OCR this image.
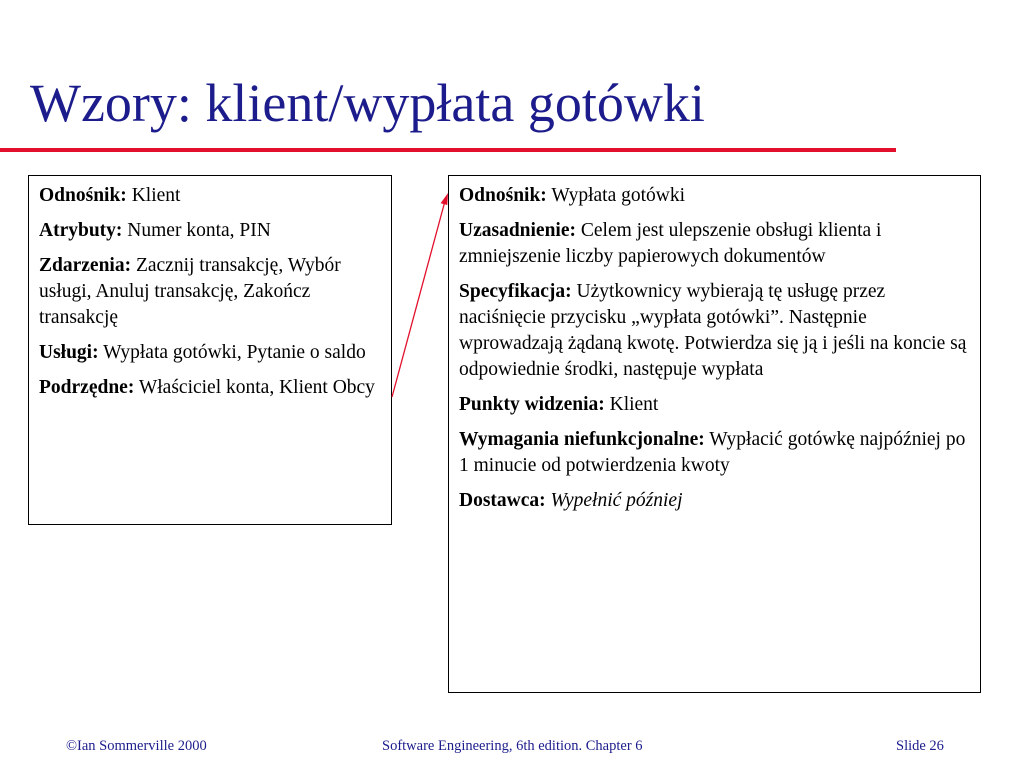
Wzory: klient/wypłata gotówki

Odnośnik: Klient

Atrybuty: Numer konta, PIN

Zdarzenia: Zacznij transakcję, Wybór usługi, Anuluj transakcję, Zakończ transakcję

Usługi: Wypłata gotówki, Pytanie o saldo

Podrzędne: Właściciel konta, Klient Obcy

Odnośnik: Wypłata gotówki

Uzasadnienie: Celem jest ulepszenie obsługi klienta i zmniejszenie liczby papierowych dokumentów

Specyfikacja: Użytkownicy wybierają tę usługę przez naciśnięcie przycisku „wypłata gotówki”. Następnie wprowadzają żądaną kwotę. Potwierdza się ją i jeśli na koncie są odpowiednie środki, następuje wypłata

Punkty widzenia: Klient

Wymagania niefunkcjonalne: Wypłacić gotówkę najpóźniej po 1 minucie od potwierdzenia kwoty

Dostawca: Wypełnić później

©Ian Sommerville 2000	Software Engineering, 6th edition. Chapter 6	Slide 26
